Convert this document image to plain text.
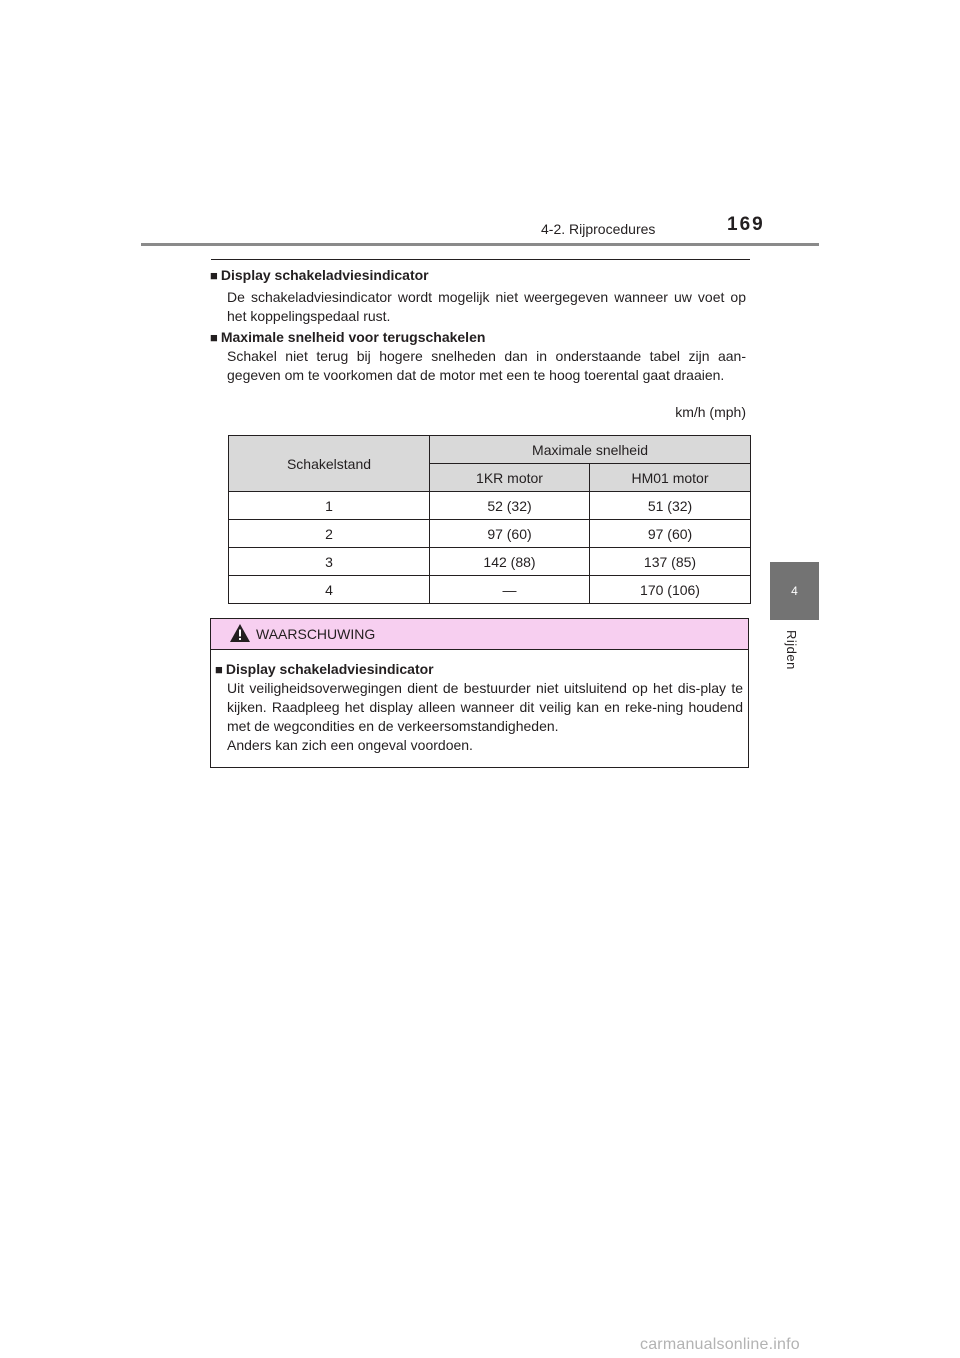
4-2. Rijprocedures	169
4
Rijden
■ Display schakeladviesindicator
De schakeladviesindicator wordt mogelijk niet weergegeven wanneer uw voet op het koppelingspedaal rust.
■ Maximale snelheid voor terugschakelen
Schakel niet terug bij hogere snelheden dan in onderstaande tabel zijn aan-gegeven om te voorkomen dat de motor met een te hoog toerental gaat draaien.
km/h (mph)
Schakelstand	Maximale snelheid	
	1KR motor	HM01 motor
1	52 (32)	51 (32)
2	97 (60)	97 (60)
3	142 (88)	137 (85)
4	—	170 (106)
WAARSCHUWING
■ Display schakeladviesindicator
Uit veiligheidsoverwegingen dient de bestuurder niet uitsluitend op het dis-play te kijken. Raadpleeg het display alleen wanneer dit veilig kan en reke-ning houdend met de wegcondities en de verkeersomstandigheden.
Anders kan zich een ongeval voordoen.
carmanualsonline.info
